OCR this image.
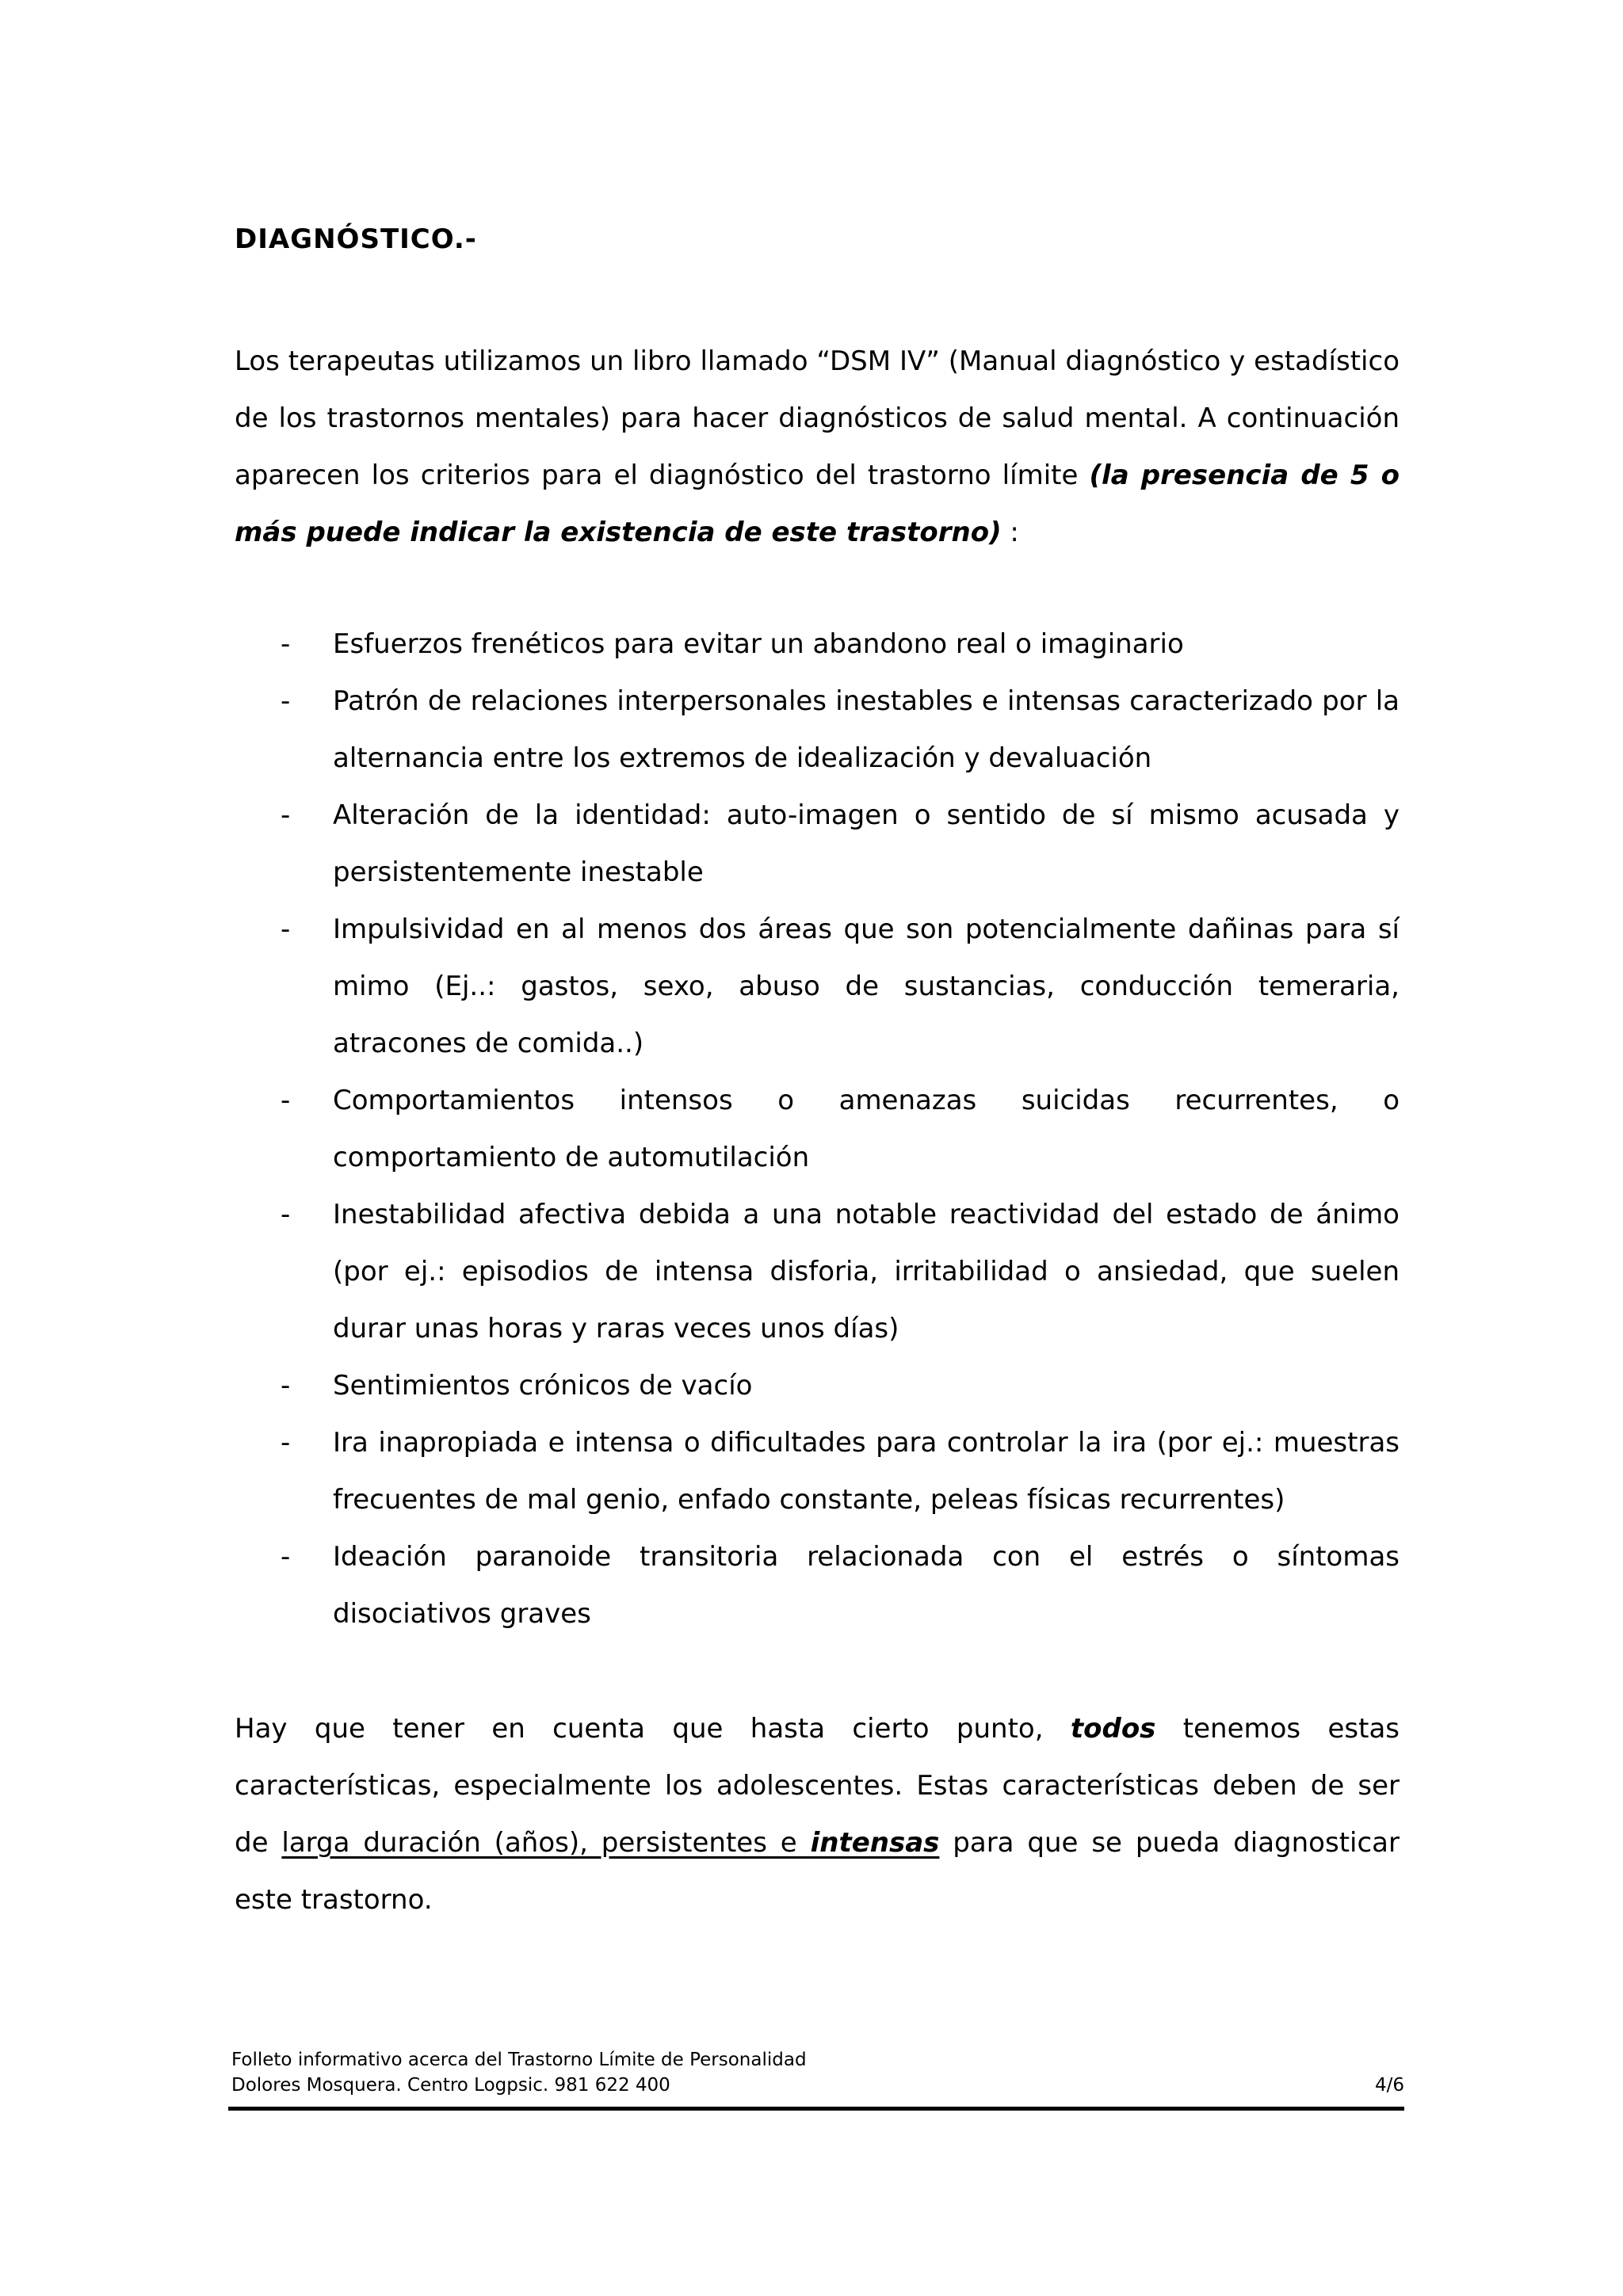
DIAGNÓSTICO.-

Los terapeutas utilizamos un libro llamado “DSM IV” (Manual diagnóstico y estadístico de los trastornos mentales) para hacer diagnósticos de salud mental. A continuación aparecen los criterios para el diagnóstico del trastorno límite (la presencia de 5 o más puede indicar la existencia de este trastorno) :

- Esfuerzos frenéticos para evitar un abandono real o imaginario
- Patrón de relaciones interpersonales inestables e intensas caracterizado por la alternancia entre los extremos de idealización y devaluación
- Alteración de la identidad: auto-imagen o sentido de sí mismo acusada y persistentemente inestable
- Impulsividad en al menos dos áreas que son potencialmente dañinas para sí mimo (Ej..: gastos, sexo, abuso de sustancias, conducción temeraria, atracones de comida..)
- Comportamientos intensos o amenazas suicidas recurrentes, o comportamiento de automutilación
- Inestabilidad afectiva debida a una notable reactividad del estado de ánimo (por ej.: episodios de intensa disforia, irritabilidad o ansiedad, que suelen durar unas horas y raras veces unos días)
- Sentimientos crónicos de vacío
- Ira inapropiada e intensa o dificultades para controlar la ira (por ej.: muestras frecuentes de mal genio, enfado constante, peleas físicas recurrentes)
- Ideación paranoide transitoria relacionada con el estrés o síntomas disociativos graves

Hay que tener en cuenta que hasta cierto punto, todos tenemos estas características, especialmente los adolescentes. Estas características deben de ser de larga duración (años), persistentes e intensas para que se pueda diagnosticar este trastorno.

Folleto informativo acerca del Trastorno Límite de Personalidad
Dolores Mosquera. Centro Logpsic. 981 622 400	4/6
